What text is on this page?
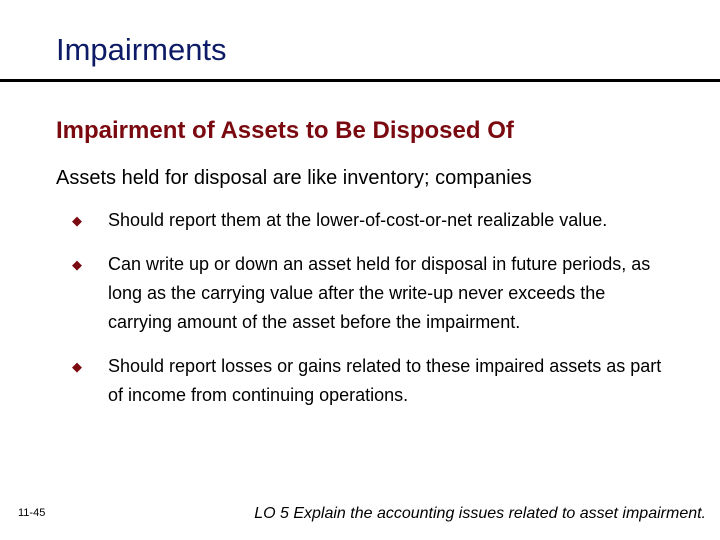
Impairments
Impairment of Assets to Be Disposed Of
Assets held for disposal are like inventory; companies
◆	Should report them at the lower-of-cost-or-net realizable value.
◆	Can write up or down an asset held for disposal in future periods, as long as the carrying value after the write-up never exceeds the carrying amount of the asset before the impairment.
◆	Should report losses or gains related to these impaired assets as part of income from continuing operations.
11-45	LO 5 Explain the accounting issues related to asset impairment.
